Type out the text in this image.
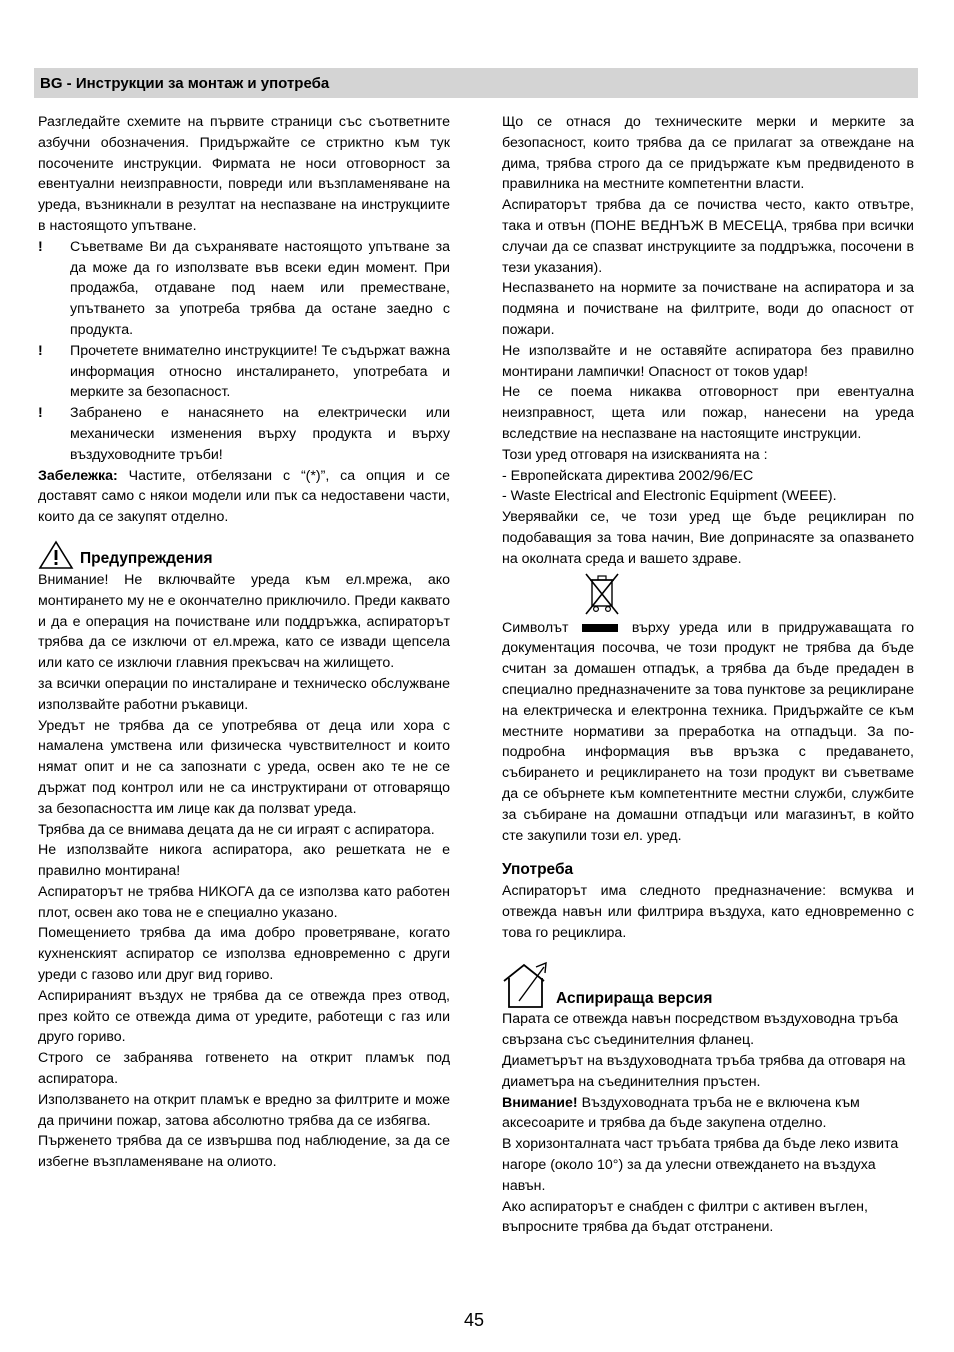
BG - Инструкции за монтаж и употреба

Разгледайте схемите на първите страници със съответните азбучни обозначения. Придържайте се стриктно към тук посочените инструкции. Фирмата не носи отговорност за евентуални неизправности, повреди или възпламеняване на уреда, възникнали в резултат на неспазване на инструкциите в настоящото упътване.

!	Съветваме Ви да съхранявате настоящото упътване за да може да го използвате във всеки един момент. При продажба, отдаване под наем или преместване, упътването за употреба трябва да остане заедно с продукта.
!	Прочетете внимателно инструкциите! Те съдържат важна информация относно инсталирането, употребата и мерките за безопасност.
!	Забранено е нанасянето на електрически или механически изменения върху продукта и върху въздуховодните тръби!

Забележка: Частите, отбелязани с “(*)”, са опция и се доставят само с някои модели или пък са недоставени части, които да се закупят отделно.

Предупреждения

Внимание! Не включвайте уреда към ел.мрежа, ако монтирането му не е окончателно приключило. Преди каквато и да е операция на почистване или поддръжка, аспираторът трябва да се изключи от ел.мрежа, като се извади щепсела или като се изключи главния прекъсвач на жилището.

за всички операции по инсталиране и техническо обслужване използвайте работни ръкавици.

Уредът не трябва да се употребява от деца или хора с намалена умствена или физическа чувствителност и които нямат опит и не са запознати с уреда, освен ако те не се държат под контрол или не са инструктирани от отговарящо за безопасността им лице как да ползват уреда.

Трябва да се внимава децата да не си играят с аспиратора.

Не използвайте никога аспиратора, ако решетката не е правилно монтирана!

Аспираторът не трябва НИКОГА да се използва като работен плот, освен ако това не е специално указано.

Помещението трябва да има добро проветряване, когато кухненският аспиратор се използва едновременно с други уреди с газово или друг вид гориво.

Аспирираният въздух не трябва да се отвежда през отвод, през който се отвежда дима от уредите, работещи с газ или друго гориво.

Строго се забранява готвенето на открит пламък под аспиратора.

Използването на открит пламък е вредно за филтрите и може да причини пожар, затова абсолютно трябва да се избягва.

Пърженето трябва да се извършва под наблюдение, за да се избегне възпламеняване на олиото.

Що се отнася до техническите мерки и мерките за безопасност, които трябва да се прилагат за отвеждане на дима, трябва строго да се придържате към предвиденото в правилника на местните компетентни власти.

Аспираторът трябва да се почиства често, както отвътре, така и отвън (ПОНЕ ВЕДНЪЖ В МЕСЕЦА, трябва при всички случаи да се спазват инструкциите за поддръжка, посочени в тези указания).

Неспазването на нормите за почистване на аспиратора и за подмяна и почистване на филтрите, води до опасност от пожари.

Не използвайте и не оставяйте аспиратора без правилно монтирани лампички! Опасност от токов удар!

Не се поема никаква отговорност при евентуална неизправност, щета или пожар, нанесени на уреда вследствие на неспазване на настоящите инструкции.

Този уред отговаря на изискванията на :

- Европейската директива 2002/96/ЕС

- Waste Electrical and Electronic Equipment (WEEE).

Уверявайки се, че този уред ще бъде рециклиран по подобаващия за това начин, Вие допринасяте за опазването на околната среда и вашето здраве.

Символът	върху уреда или в придружаващата го документация посочва, че този продукт не трябва да бъде считан за домашен отпадък, а трябва да бъде предаден в специално предназначените за това пунктове за рециклиране на електрическа и електронна техника. Придържайте се към местните нормативи за преработка на отпадъци. За по-подробна информация във връзка с предаването, събирането и рециклирането на този продукт ви съветваме да се обърнете към компетентните местни служби, службите за събиране на домашни отпадъци или магазинът, в който сте закупили този ел. уред.

Употреба

Аспираторът има следното предназначение: всмуква и отвежда навън или филтрира въздуха, като едновременно с това го рециклира.

Аспирираща версия

Парата се отвежда навън посредством въздуховодна тръба свързана със съединителния фланец.

Диаметърът на въздуховодната тръба трябва да отговаря на диаметъра на съединителния пръстен.

Внимание! Въздуховодната тръба не е включена към аксесоарите и трябва да бъде закупена отделно.

В хоризонталната част тръбата трябва да бъде леко извита нагоре (около 10°) за да улесни отвеждането на въздуха навън.

Ако аспираторът е снабден с филтри с активен въглен, въпросните трябва да бъдат отстранени.

45
